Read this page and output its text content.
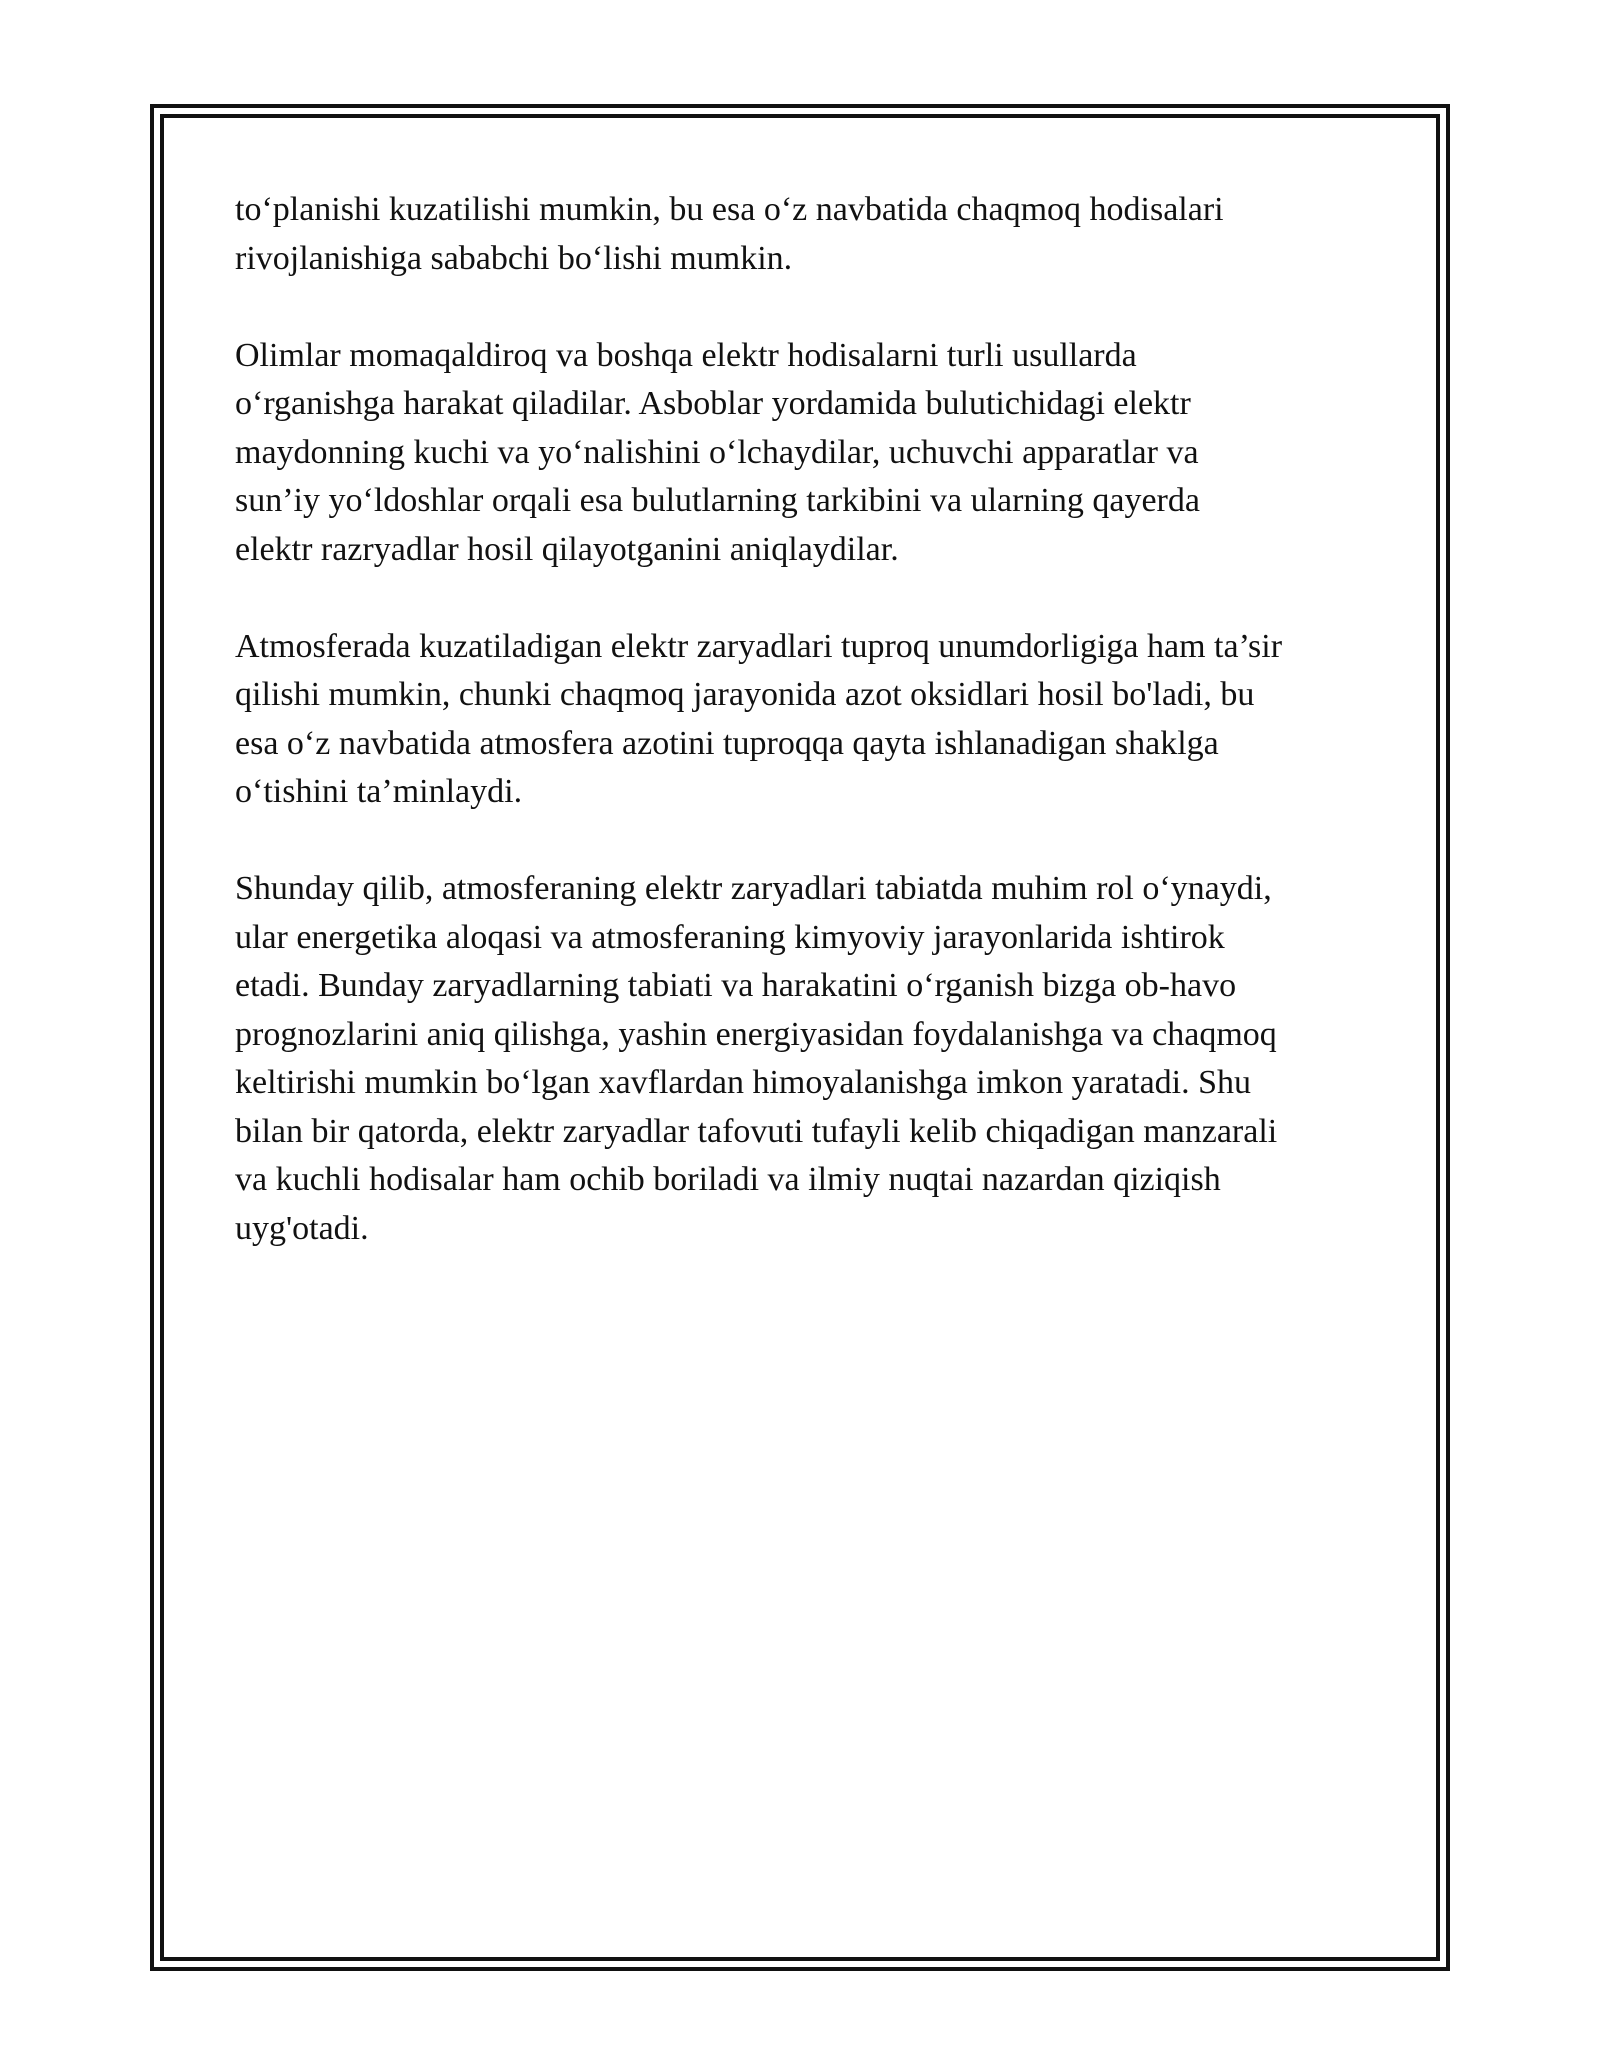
to‘planishi kuzatilishi mumkin, bu esa o‘z navbatida chaqmoq hodisalari
rivojlanishiga sababchi bo‘lishi mumkin.

Olimlar momaqaldiroq va boshqa elektr hodisalarni turli usullarda
o‘rganishga harakat qiladilar. Asboblar yordamida bulutichidagi elektr
maydonning kuchi va yo‘nalishini o‘lchaydilar, uchuvchi apparatlar va
sun’iy yo‘ldoshlar orqali esa bulutlarning tarkibini va ularning qayerda
elektr razryadlar hosil qilayotganini aniqlaydilar.

Atmosferada kuzatiladigan elektr zaryadlari tuproq unumdorligiga ham ta’sir
qilishi mumkin, chunki chaqmoq jarayonida azot oksidlari hosil bo'ladi, bu
esa o‘z navbatida atmosfera azotini tuproqqa qayta ishlanadigan shaklga
o‘tishini ta’minlaydi.

Shunday qilib, atmosferaning elektr zaryadlari tabiatda muhim rol o‘ynaydi,
ular energetika aloqasi va atmosferaning kimyoviy jarayonlarida ishtirok
etadi. Bunday zaryadlarning tabiati va harakatini o‘rganish bizga ob-havo
prognozlarini aniq qilishga, yashin energiyasidan foydalanishga va chaqmoq
keltirishi mumkin bo‘lgan xavflardan himoyalanishga imkon yaratadi. Shu
bilan bir qatorda, elektr zaryadlar tafovuti tufayli kelib chiqadigan manzarali
va kuchli hodisalar ham ochib boriladi va ilmiy nuqtai nazardan qiziqish
uyg'otadi.
